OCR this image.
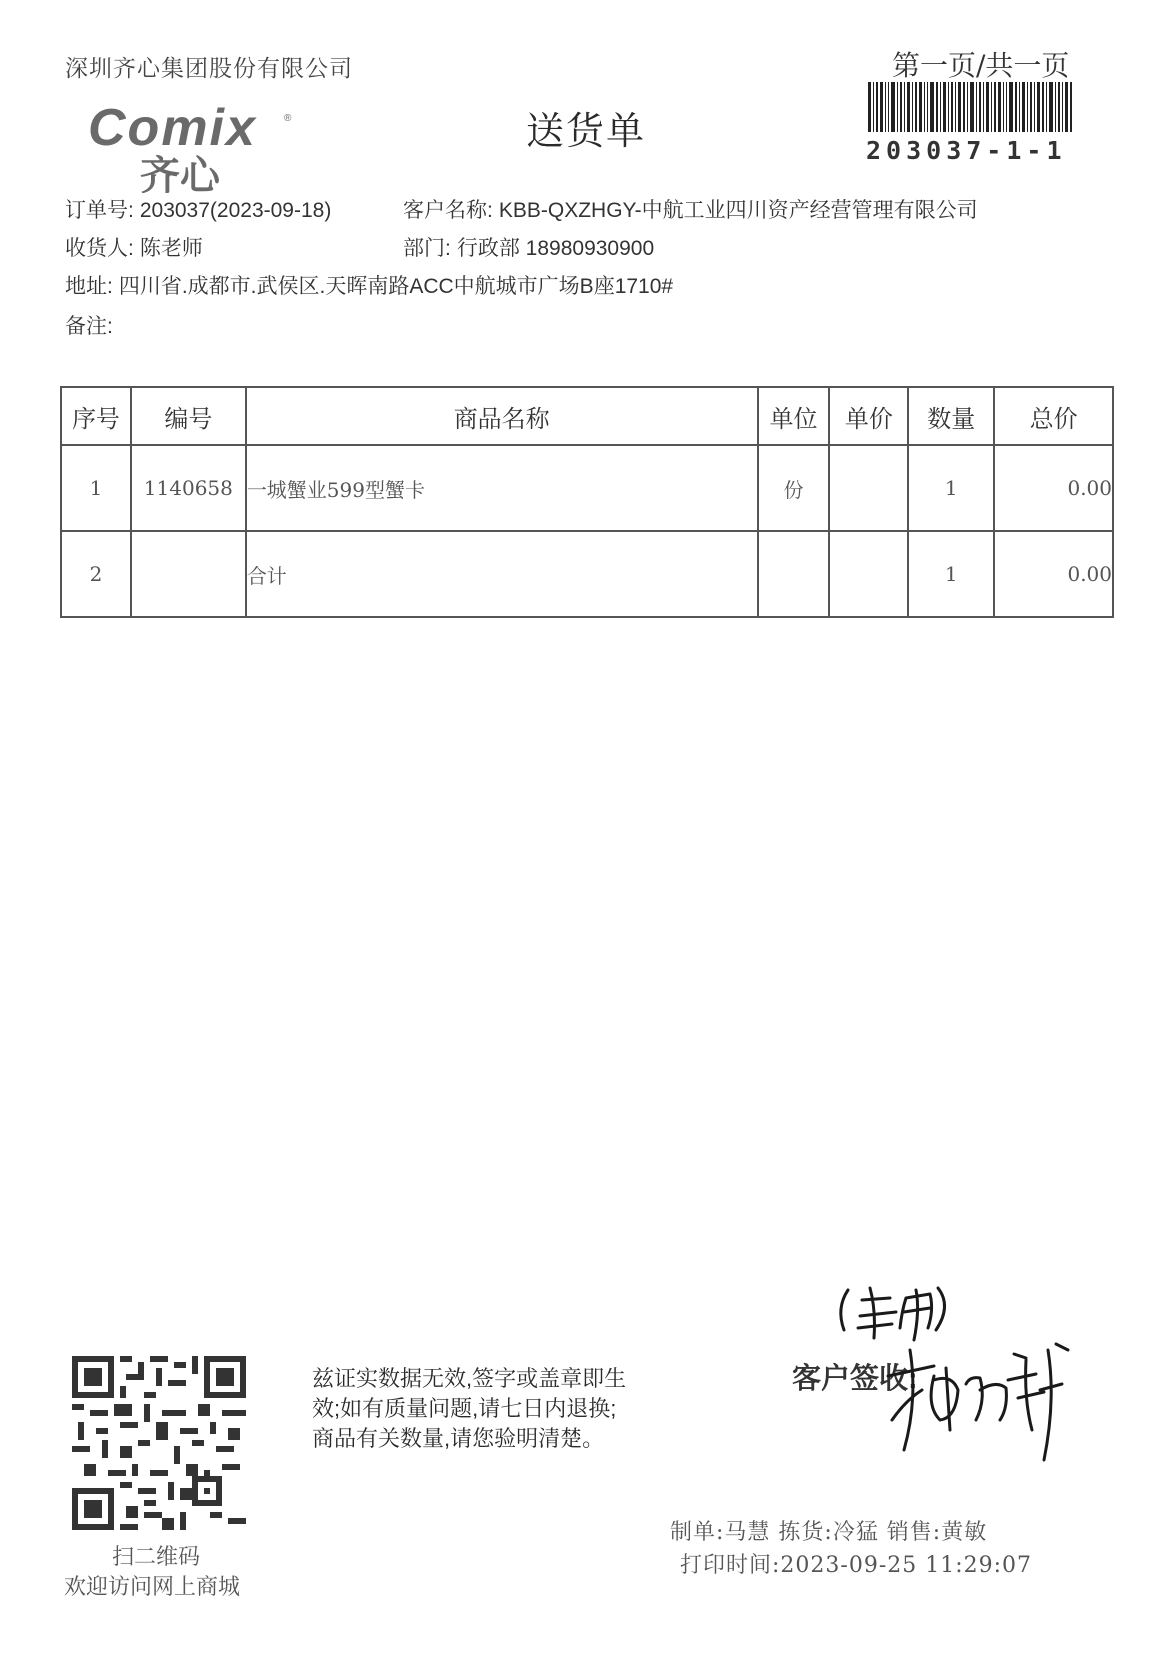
深圳齐心集团股份有限公司	第一页/共一页
203037-1-1
Comix	®
齐心
送货单
订单号: 203037(2023-09-18)	客户名称: KBB-QXZHGY-中航工业四川资产经营管理有限公司
收货人: 陈老师	部门: 行政部 18980930900
地址: 四川省.成都市.武侯区.天晖南路ACC中航城市广场B座1710#
备注:
序号	编号	商品名称	单位	单价	数量	总价
1	1140658	一城蟹业599型蟹卡	份		1	0.00
2		合计			1	0.00
扫二维码
欢迎访问网上商城
兹证实数据无效,签字或盖章即生
效;如有质量问题,请七日内退换;
商品有关数量,请您验明清楚。
客户签收:
制单:马慧 拣货:冷猛 销售:黄敏
打印时间:2023-09-25 11:29:07
